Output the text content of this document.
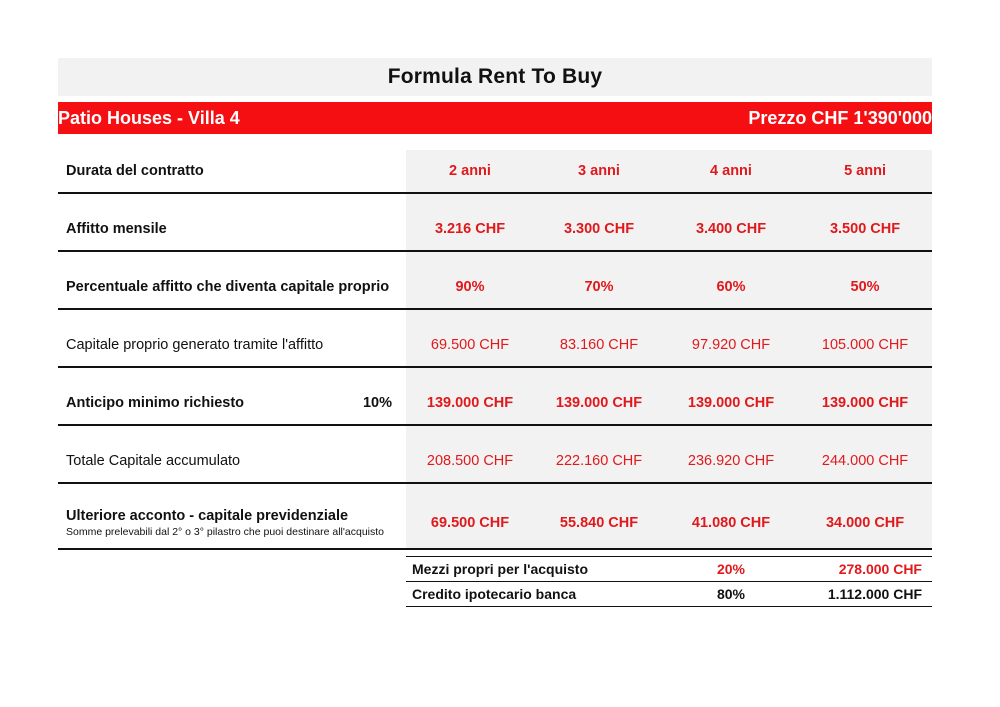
Formula Rent To Buy				

Patio Houses - Villa 4		Prezzo CHF 1'390'000		

Durata del contratto	2 anni	3 anni	4 anni	5 anni

Affitto mensile	3.216 CHF	3.300 CHF	3.400 CHF	3.500 CHF

Percentuale affitto che diventa capitale proprio	90%	70%	60%	50%

Capitale proprio generato tramite l'affitto	69.500 CHF	83.160 CHF	97.920 CHF	105.000 CHF

Anticipo minimo richiesto 10%	139.000 CHF	139.000 CHF	139.000 CHF	139.000 CHF

Totale Capitale accumulato	208.500 CHF	222.160 CHF	236.920 CHF	244.000 CHF

Ulteriore acconto - capitale previdenziale
Somme prelevabili dal 2° o 3° pilastro che puoi destinare all'acquisto	69.500 CHF	55.840 CHF	41.080 CHF	34.000 CHF
Mezzi propri per l'acquisto	20%	278.000 CHF
Credito ipotecario banca	80%	1.112.000 CHF
